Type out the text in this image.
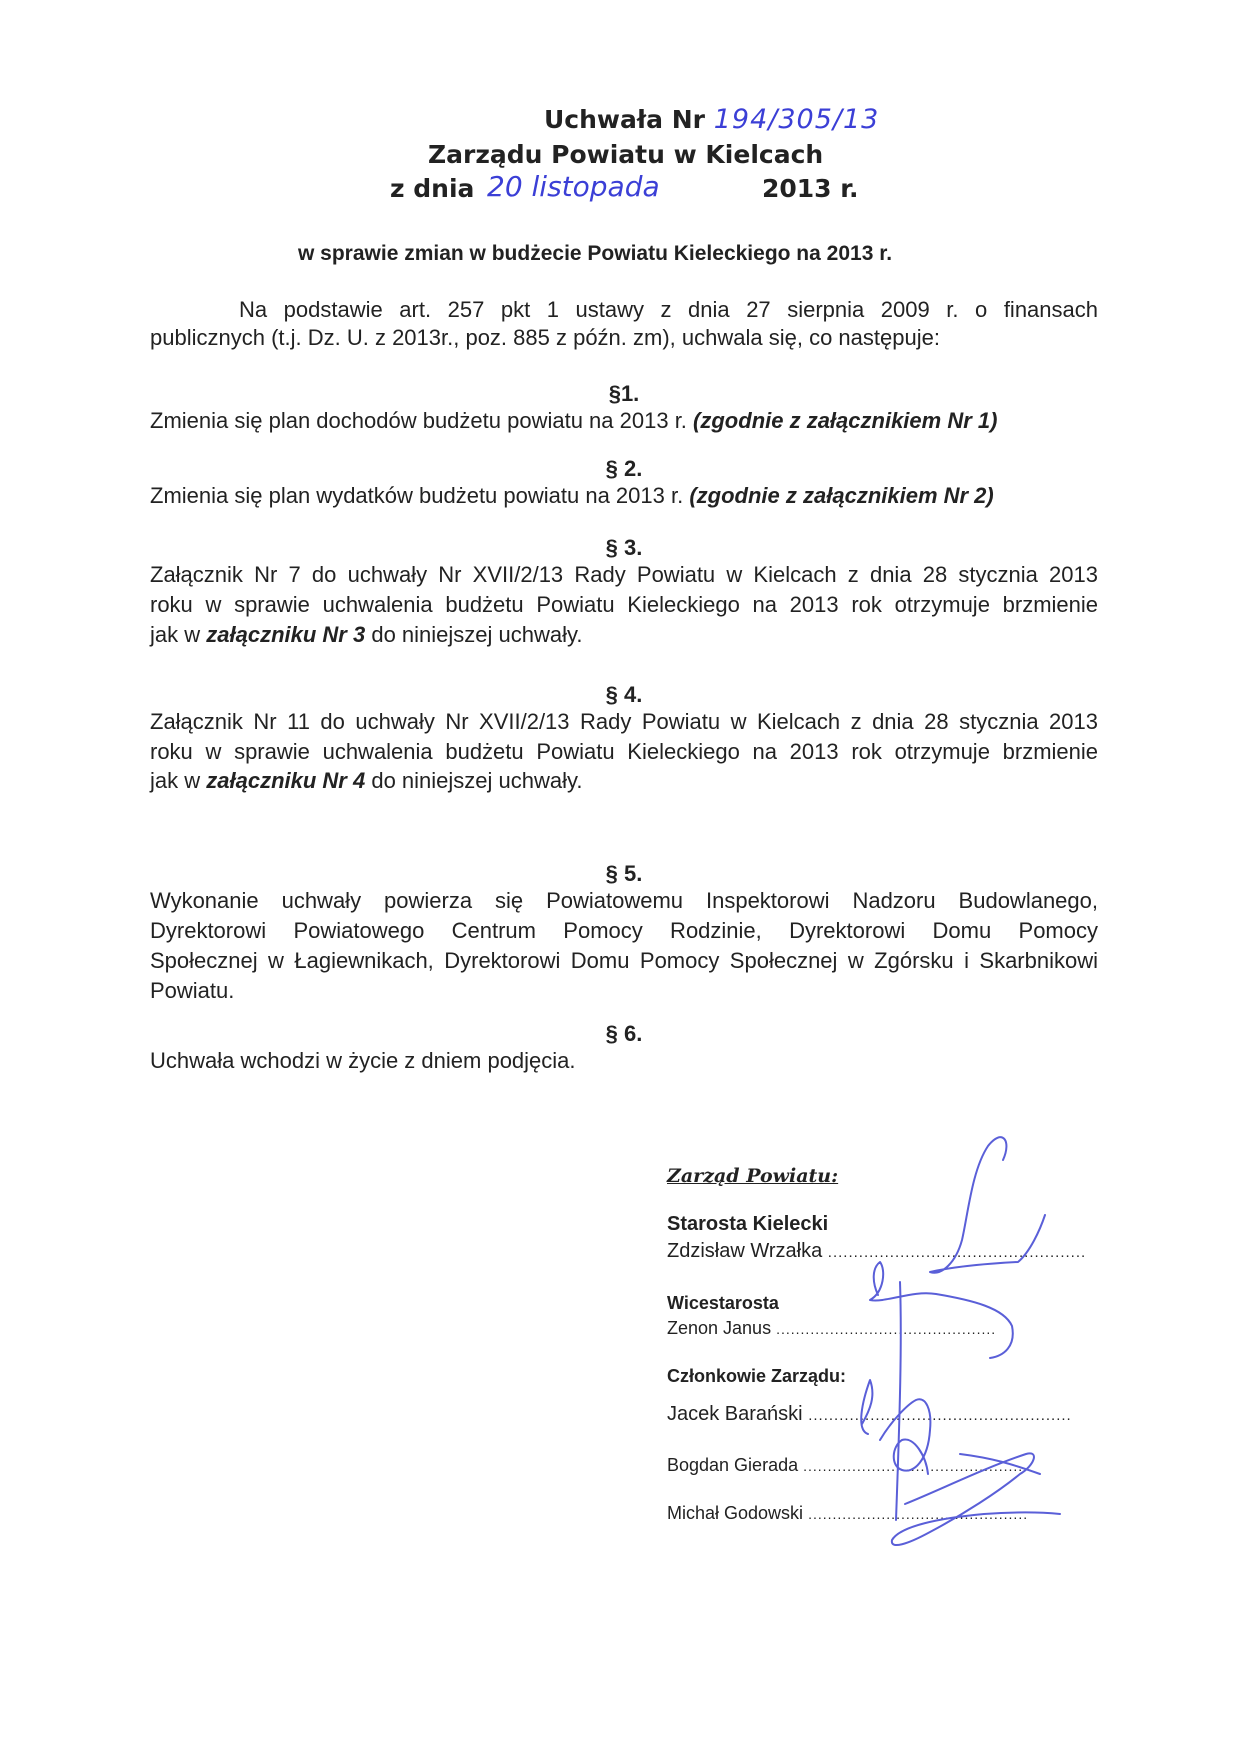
Uchwała Nr 194/305/13
Zarządu Powiatu w Kielcach
z dnia 20 listopada	2013 r.
w sprawie zmian w budżecie Powiatu Kieleckiego na 2013 r.
Na podstawie art. 257 pkt 1 ustawy z dnia 27 sierpnia 2009 r. o finansach
publicznych (t.j. Dz. U. z 2013r., poz. 885 z późn. zm), uchwala się, co następuje:
§1.
Zmienia się plan dochodów budżetu powiatu na 2013 r. (zgodnie z załącznikiem Nr 1)
§ 2.
Zmienia się plan wydatków budżetu powiatu na 2013 r. (zgodnie z załącznikiem Nr 2)
§ 3.
Załącznik Nr 7 do uchwały Nr XVII/2/13 Rady Powiatu w Kielcach z dnia 28 stycznia 2013
roku w sprawie uchwalenia budżetu Powiatu Kieleckiego na 2013 rok otrzymuje brzmienie
jak w załączniku Nr 3 do niniejszej uchwały.
§ 4.
Załącznik Nr 11 do uchwały Nr XVII/2/13 Rady Powiatu w Kielcach z dnia 28 stycznia 2013
roku w sprawie uchwalenia budżetu Powiatu Kieleckiego na 2013 rok otrzymuje brzmienie
jak w załączniku Nr 4 do niniejszej uchwały.
§ 5.
Wykonanie uchwały powierza się Powiatowemu Inspektorowi Nadzoru Budowlanego,
Dyrektorowi Powiatowego Centrum Pomocy Rodzinie, Dyrektorowi Domu Pomocy
Społecznej w Łagiewnikach, Dyrektorowi Domu Pomocy Społecznej w Zgórsku i Skarbnikowi
Powiatu.
§ 6.
Uchwała wchodzi w życie z dniem podjęcia.
Zarząd Powiatu:
Starosta Kielecki
Zdzisław Wrzałka ..................................................
Wicestarosta
Zenon Janus .............................................
Członkowie Zarządu:
Jacek Barański ...................................................
Bogdan Gierada .............................................
Michał Godowski .............................................
